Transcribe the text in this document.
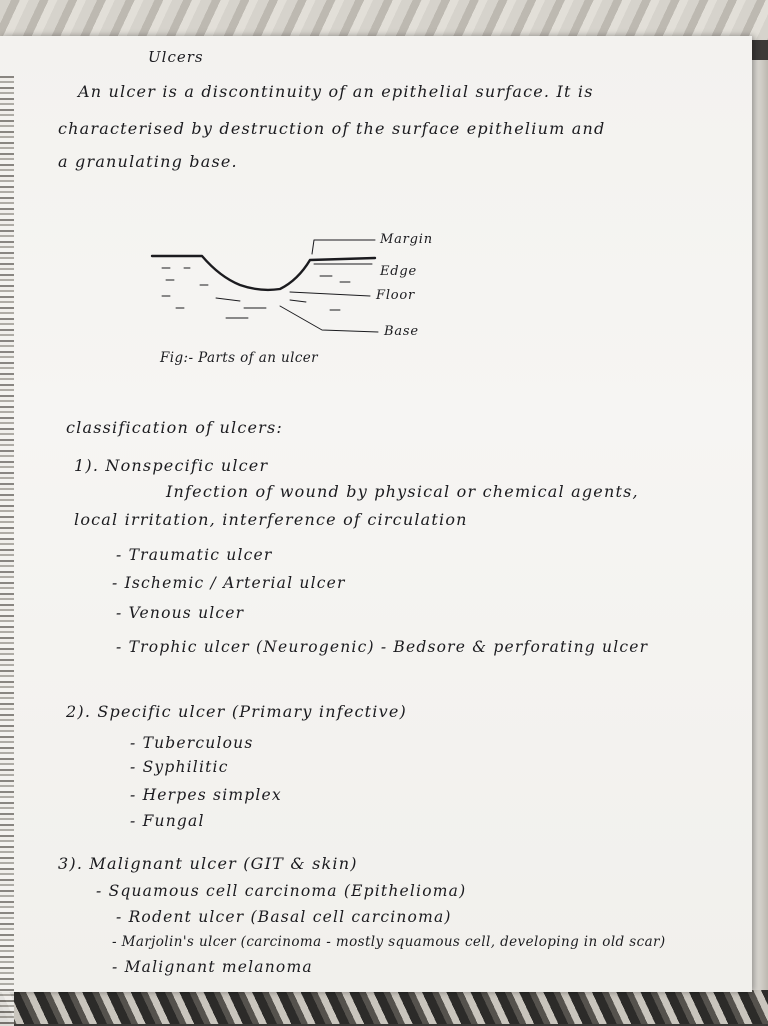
Ulcers
An ulcer is a discontinuity of an epithelial surface. It is
characterised by destruction of the surface epithelium and
a granulating base.
Margin
Edge
Floor
Base
Fig:- Parts of an ulcer
classification of ulcers:
1). Nonspecific ulcer
Infection of wound by physical or chemical agents,
local irritation, interference of circulation
- Traumatic ulcer
- Ischemic / Arterial ulcer
- Venous ulcer
- Trophic ulcer (Neurogenic) - Bedsore & perforating ulcer
2). Specific ulcer (Primary infective)
- Tuberculous
- Syphilitic
- Herpes simplex
- Fungal
3). Malignant ulcer (GIT & skin)
- Squamous cell carcinoma (Epithelioma)
- Rodent ulcer (Basal cell carcinoma)
- Marjolin's ulcer (carcinoma - mostly squamous cell, developing in old scar)
- Malignant melanoma
